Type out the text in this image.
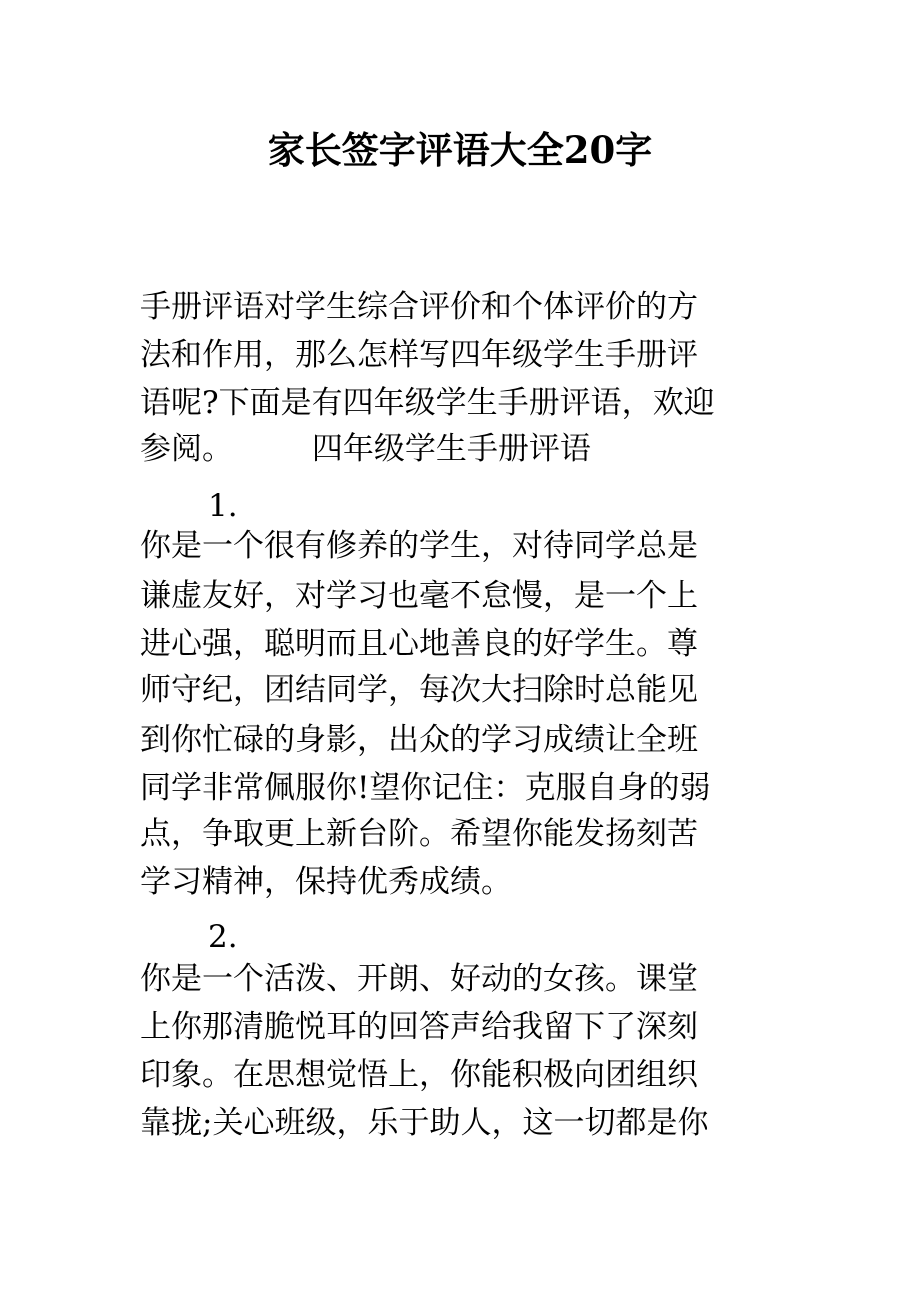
家长签字评语大全20字
手册评语对学生综合评价和个体评价的方
法和作用，那么怎样写四年级学生手册评
语呢?下面是有四年级学生手册评语，欢迎
参阅。        四年级学生手册评语
1.
你是一个很有修养的学生，对待同学总是
谦虚友好，对学习也毫不怠慢，是一个上
进心强，聪明而且心地善良的好学生。尊
师守纪，团结同学，每次大扫除时总能见
到你忙碌的身影，出众的学习成绩让全班
同学非常佩服你!望你记住：克服自身的弱
点，争取更上新台阶。希望你能发扬刻苦
学习精神，保持优秀成绩。
2.
你是一个活泼、开朗、好动的女孩。课堂
上你那清脆悦耳的回答声给我留下了深刻
印象。在思想觉悟上，你能积极向团组织
靠拢;关心班级，乐于助人，这一切都是你
